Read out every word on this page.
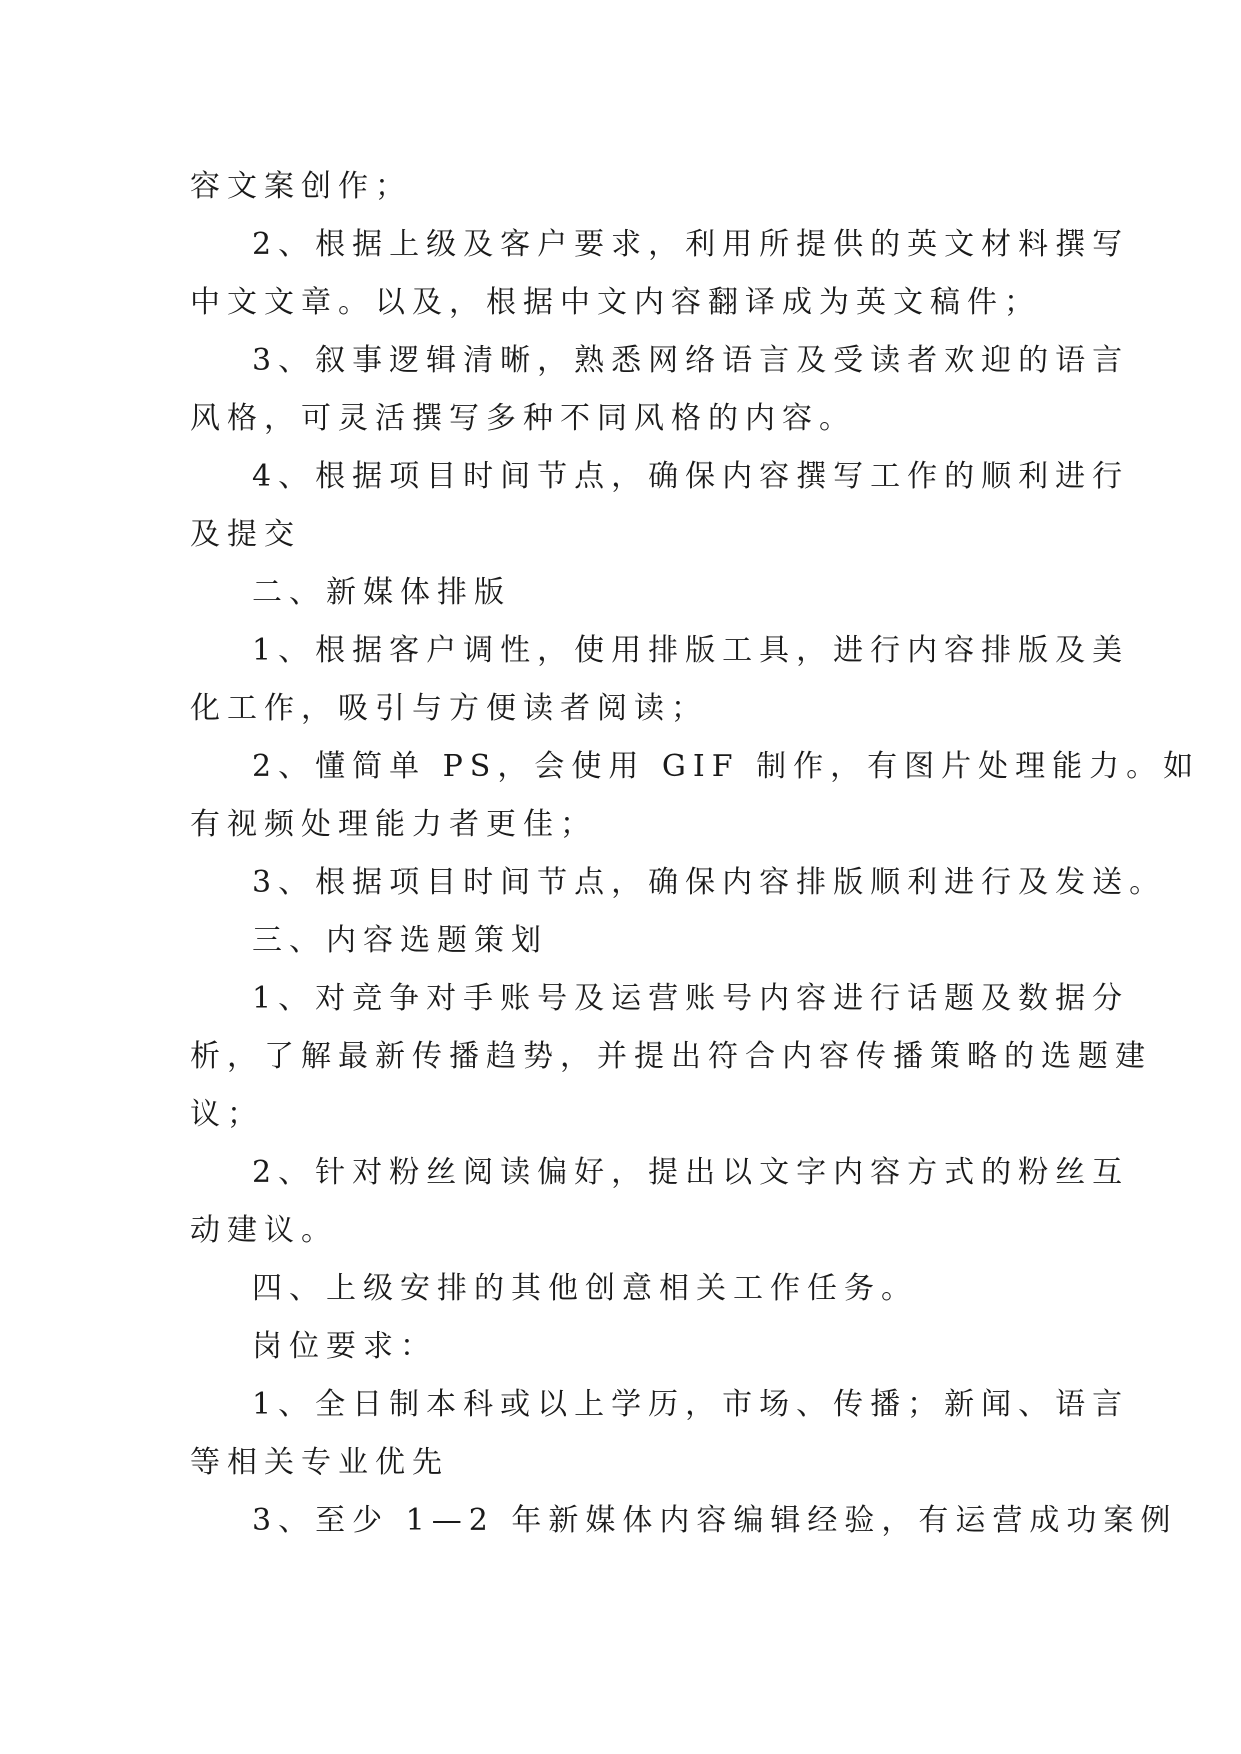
容文案创作；
2、根据上级及客户要求，利用所提供的英文材料撰写
中文文章。以及，根据中文内容翻译成为英文稿件；
3、叙事逻辑清晰，熟悉网络语言及受读者欢迎的语言
风格，可灵活撰写多种不同风格的内容。
4、根据项目时间节点，确保内容撰写工作的顺利进行
及提交
二、新媒体排版
1、根据客户调性，使用排版工具，进行内容排版及美
化工作，吸引与方便读者阅读；
2、懂简单 PS，会使用 GIF 制作，有图片处理能力。如
有视频处理能力者更佳；
3、根据项目时间节点，确保内容排版顺利进行及发送。
三、内容选题策划
1、对竞争对手账号及运营账号内容进行话题及数据分
析，了解最新传播趋势，并提出符合内容传播策略的选题建
议；
2、针对粉丝阅读偏好，提出以文字内容方式的粉丝互
动建议。
四、上级安排的其他创意相关工作任务。
岗位要求：
1、全日制本科或以上学历，市场、传播；新闻、语言
等相关专业优先
3、至少 1—2 年新媒体内容编辑经验，有运营成功案例
